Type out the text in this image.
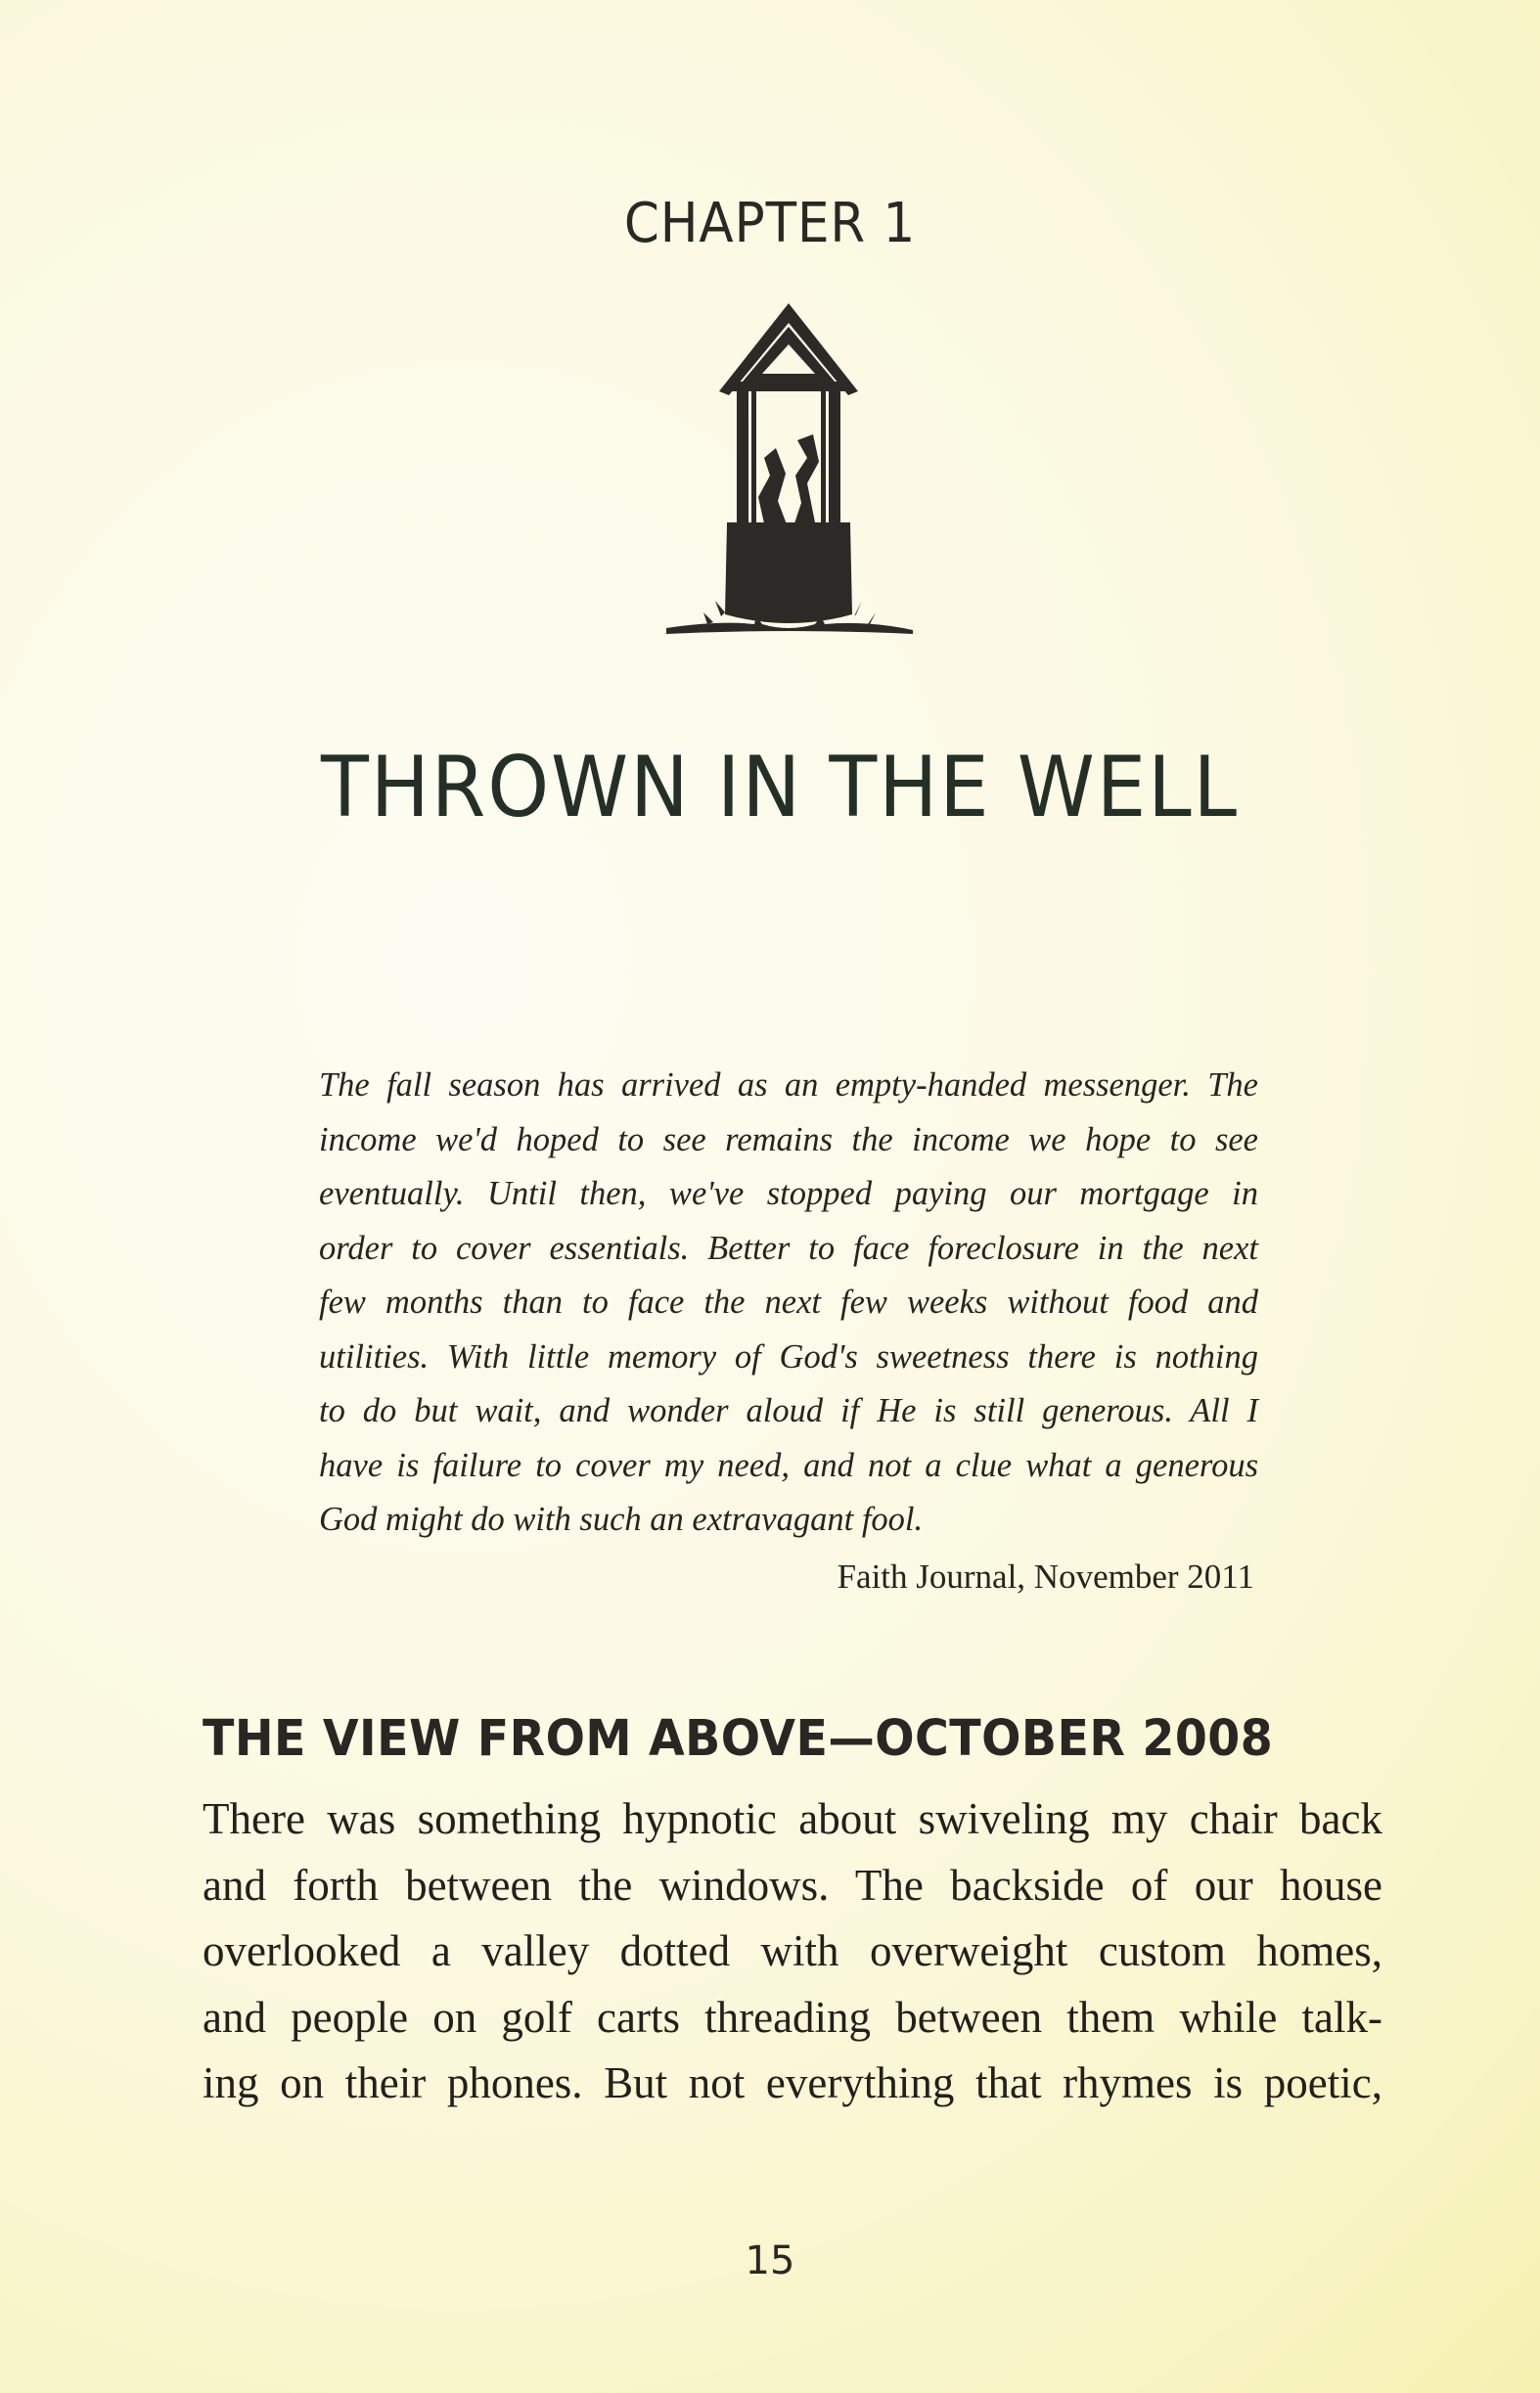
CHAPTER 1
THROWN IN THE WELL

The fall season has arrived as an empty-handed messenger. The
income we'd hoped to see remains the income we hope to see
eventually. Until then, we've stopped paying our mortgage in
order to cover essentials. Better to face foreclosure in the next
few months than to face the next few weeks without food and
utilities. With little memory of God's sweetness there is nothing
to do but wait, and wonder aloud if He is still generous. All I
have is failure to cover my need, and not a clue what a generous
God might do with such an extravagant fool.

Faith Journal, November 2011
THE VIEW FROM ABOVE—OCTOBER 2008

There was something hypnotic about swiveling my chair back
and forth between the windows. The backside of our house
overlooked a valley dotted with overweight custom homes,
and people on golf carts threading between them while talk-
ing on their phones. But not everything that rhymes is poetic,

15
